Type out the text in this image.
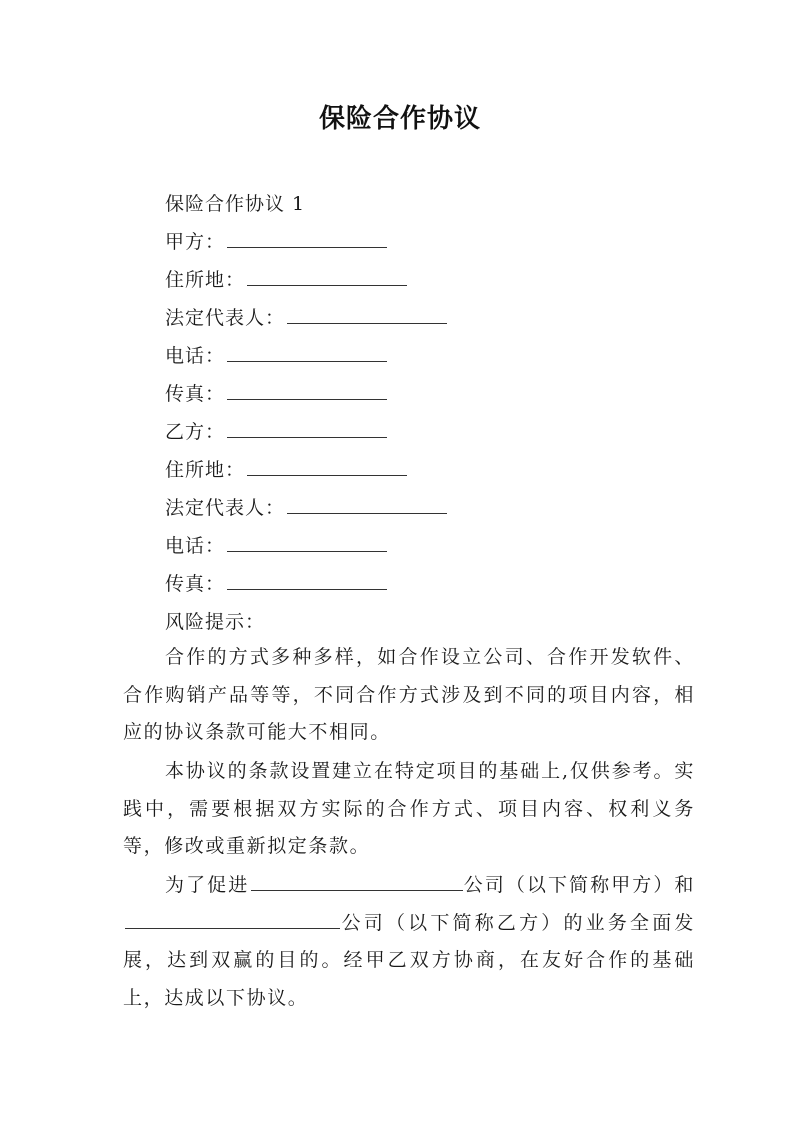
保险合作协议
保险合作协议 1
甲方：
住所地：
法定代表人：
电话：
传真：
乙方：
住所地：
法定代表人：
电话：
传真：
风险提示：
合作的方式多种多样，如合作设立公司、合作开发软件、合作购销产品等等，不同合作方式涉及到不同的项目内容，相应的协议条款可能大不相同。
本协议的条款设置建立在特定项目的基础上,仅供参考。实践中，需要根据双方实际的合作方式、项目内容、权利义务等，修改或重新拟定条款。
为了促进	公司（以下简称甲方）和公司（以下简称乙方）的业务全面发展，达到双赢的目的。经甲乙双方协商，在友好合作的基础上，达成以下协议。
